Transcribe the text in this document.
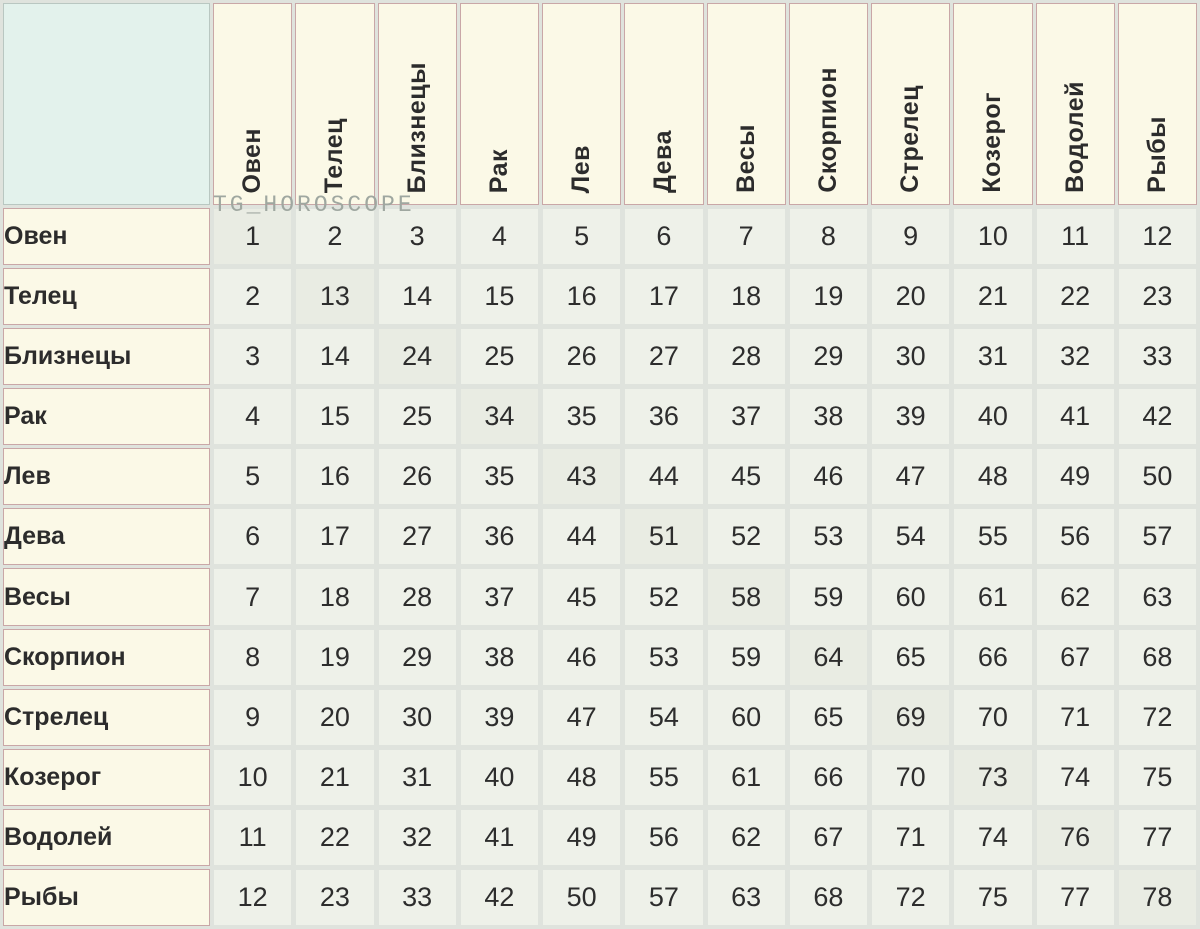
	Овен	Телец	Близнецы	Рак	Лев	Дева	Весы	Скорпион	Стрелец	Козерог	Водолей	Рыбы
Овен	1	2	3	4	5	6	7	8	9	10	11	12
Телец	2	13	14	15	16	17	18	19	20	21	22	23
Близнецы	3	14	24	25	26	27	28	29	30	31	32	33
Рак	4	15	25	34	35	36	37	38	39	40	41	42
Лев	5	16	26	35	43	44	45	46	47	48	49	50
Дева	6	17	27	36	44	51	52	53	54	55	56	57
Весы	7	18	28	37	45	52	58	59	60	61	62	63
Скорпион	8	19	29	38	46	53	59	64	65	66	67	68
Стрелец	9	20	30	39	47	54	60	65	69	70	71	72
Козерог	10	21	31	40	48	55	61	66	70	73	74	75
Водолей	11	22	32	41	49	56	62	67	71	74	76	77
Рыбы	12	23	33	42	50	57	63	68	72	75	77	78
TG_HOROSCOPE
